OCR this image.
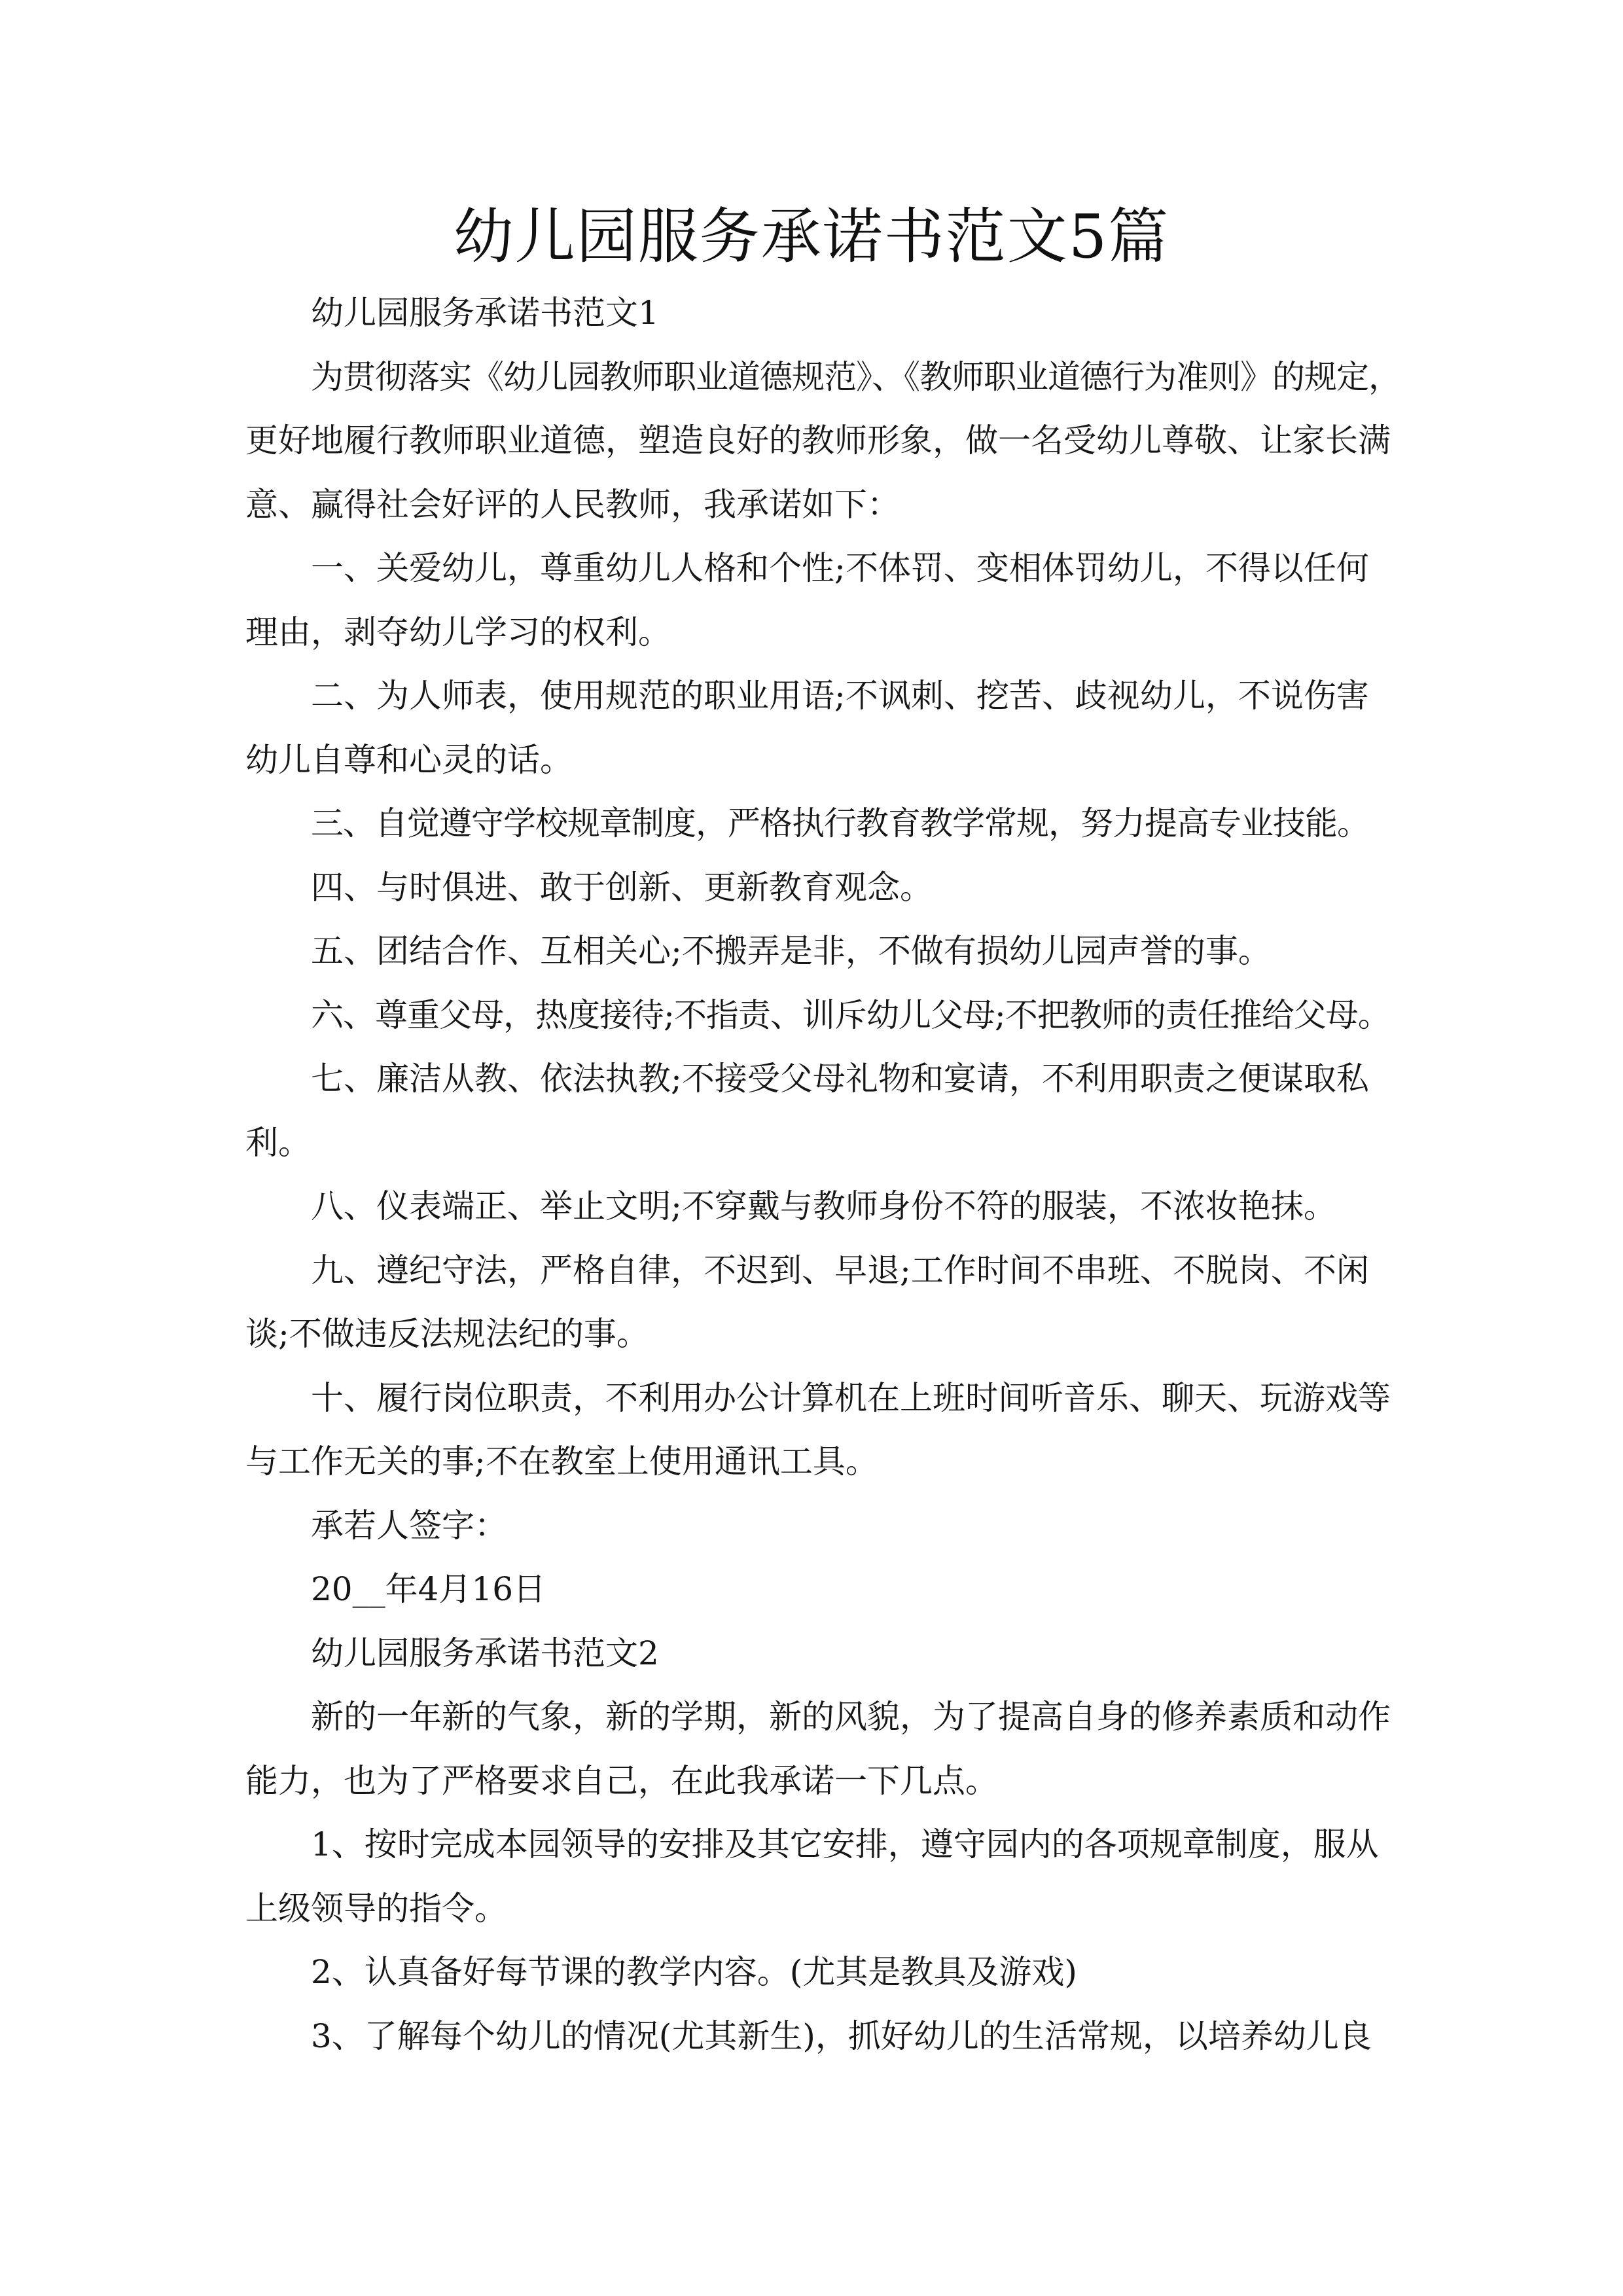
幼儿园服务承诺书范文5篇
幼儿园服务承诺书范文1
为贯彻落实《幼儿园教师职业道德规范》、《教师职业道德行为准则》的规定，
更好地履行教师职业道德，塑造良好的教师形象，做一名受幼儿尊敬、让家长满
意、赢得社会好评的人民教师，我承诺如下：
一、关爱幼儿，尊重幼儿人格和个性;不体罚、变相体罚幼儿，不得以任何
理由，剥夺幼儿学习的权利。
二、为人师表，使用规范的职业用语;不讽刺、挖苦、歧视幼儿，不说伤害
幼儿自尊和心灵的话。
三、自觉遵守学校规章制度，严格执行教育教学常规，努力提高专业技能。
四、与时俱进、敢于创新、更新教育观念。
五、团结合作、互相关心;不搬弄是非，不做有损幼儿园声誉的事。
六、尊重父母，热度接待;不指责、训斥幼儿父母;不把教师的责任推给父母。
七、廉洁从教、依法执教;不接受父母礼物和宴请，不利用职责之便谋取私
利。
八、仪表端正、举止文明;不穿戴与教师身份不符的服装，不浓妆艳抹。
九、遵纪守法，严格自律，不迟到、早退;工作时间不串班、不脱岗、不闲
谈;不做违反法规法纪的事。
十、履行岗位职责，不利用办公计算机在上班时间听音乐、聊天、玩游戏等
与工作无关的事;不在教室上使用通讯工具。
承若人签字：
20__年4月16日
幼儿园服务承诺书范文2
新的一年新的气象，新的学期，新的风貌，为了提高自身的修养素质和动作
能力，也为了严格要求自己，在此我承诺一下几点。
1、按时完成本园领导的安排及其它安排，遵守园内的各项规章制度，服从
上级领导的指令。
2、认真备好每节课的教学内容。(尤其是教具及游戏)
3、了解每个幼儿的情况(尤其新生)，抓好幼儿的生活常规，以培养幼儿良
